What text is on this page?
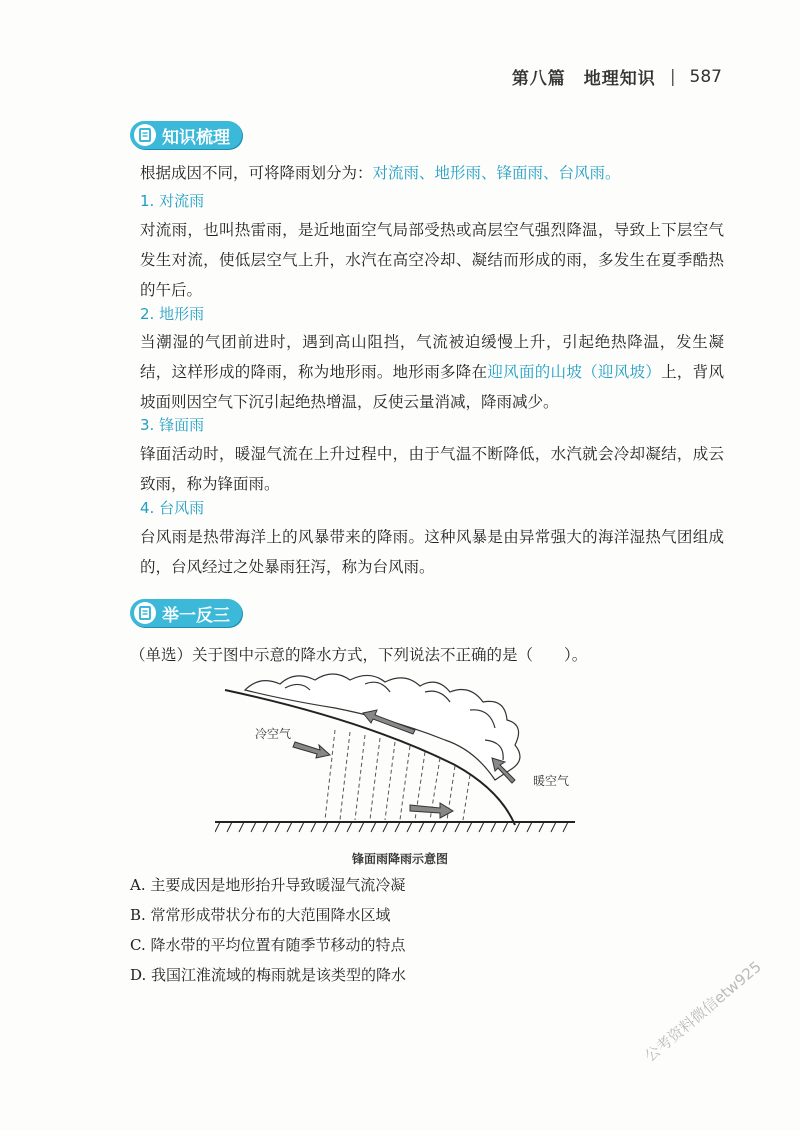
第八篇　地理知识 | 587
知识梳理
根据成因不同，可将降雨划分为：对流雨、地形雨、锋面雨、台风雨。
1. 对流雨
对流雨，也叫热雷雨，是近地面空气局部受热或高层空气强烈降温，导致上下层空气发生对流，使低层空气上升，水汽在高空冷却、凝结而形成的雨，多发生在夏季酷热的午后。
2. 地形雨
当潮湿的气团前进时，遇到高山阻挡，气流被迫缓慢上升，引起绝热降温，发生凝结，这样形成的降雨，称为地形雨。地形雨多降在迎风面的山坡（迎风坡）上，背风坡面则因空气下沉引起绝热增温，反使云量消减，降雨减少。
3. 锋面雨
锋面活动时，暖湿气流在上升过程中，由于气温不断降低，水汽就会冷却凝结，成云致雨，称为锋面雨。
4. 台风雨
台风雨是热带海洋上的风暴带来的降雨。这种风暴是由异常强大的海洋湿热气团组成的，台风经过之处暴雨狂泻，称为台风雨。
举一反三
（单选）关于图中示意的降水方式，下列说法不正确的是（　　）。
冷空气
暖空气
锋面雨降雨示意图
A. 主要成因是地形抬升导致暖湿气流冷凝
B. 常常形成带状分布的大范围降水区域
C. 降水带的平均位置有随季节移动的特点
D. 我国江淮流域的梅雨就是该类型的降水	公考资料微信etw925
